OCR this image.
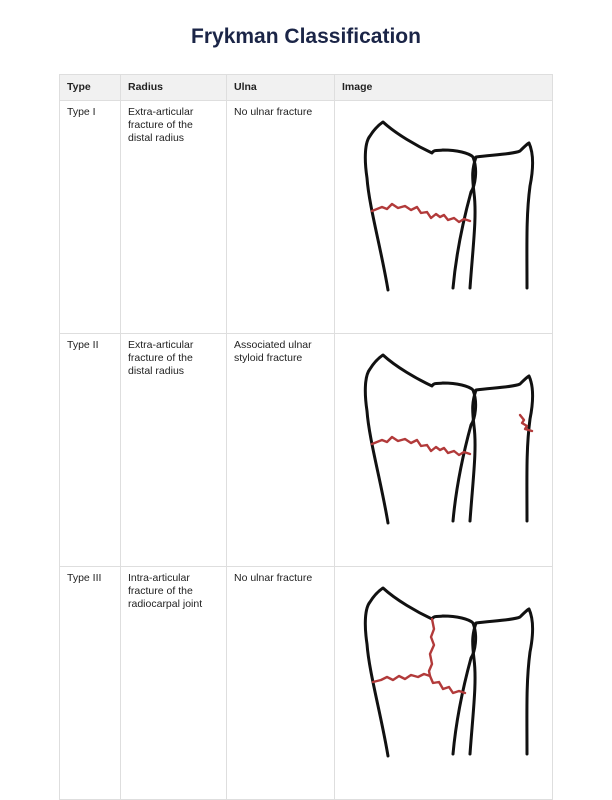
Frykman Classification
Type	Radius	Ulna	Image
Type I	Extra-articular fracture of the distal radius	No ulnar fracture	

Type II	Extra-articular fracture of the distal radius	Associated ulnar styloid fracture	

Type III	Intra-articular fracture of the radiocarpal joint	No ulnar fracture	
